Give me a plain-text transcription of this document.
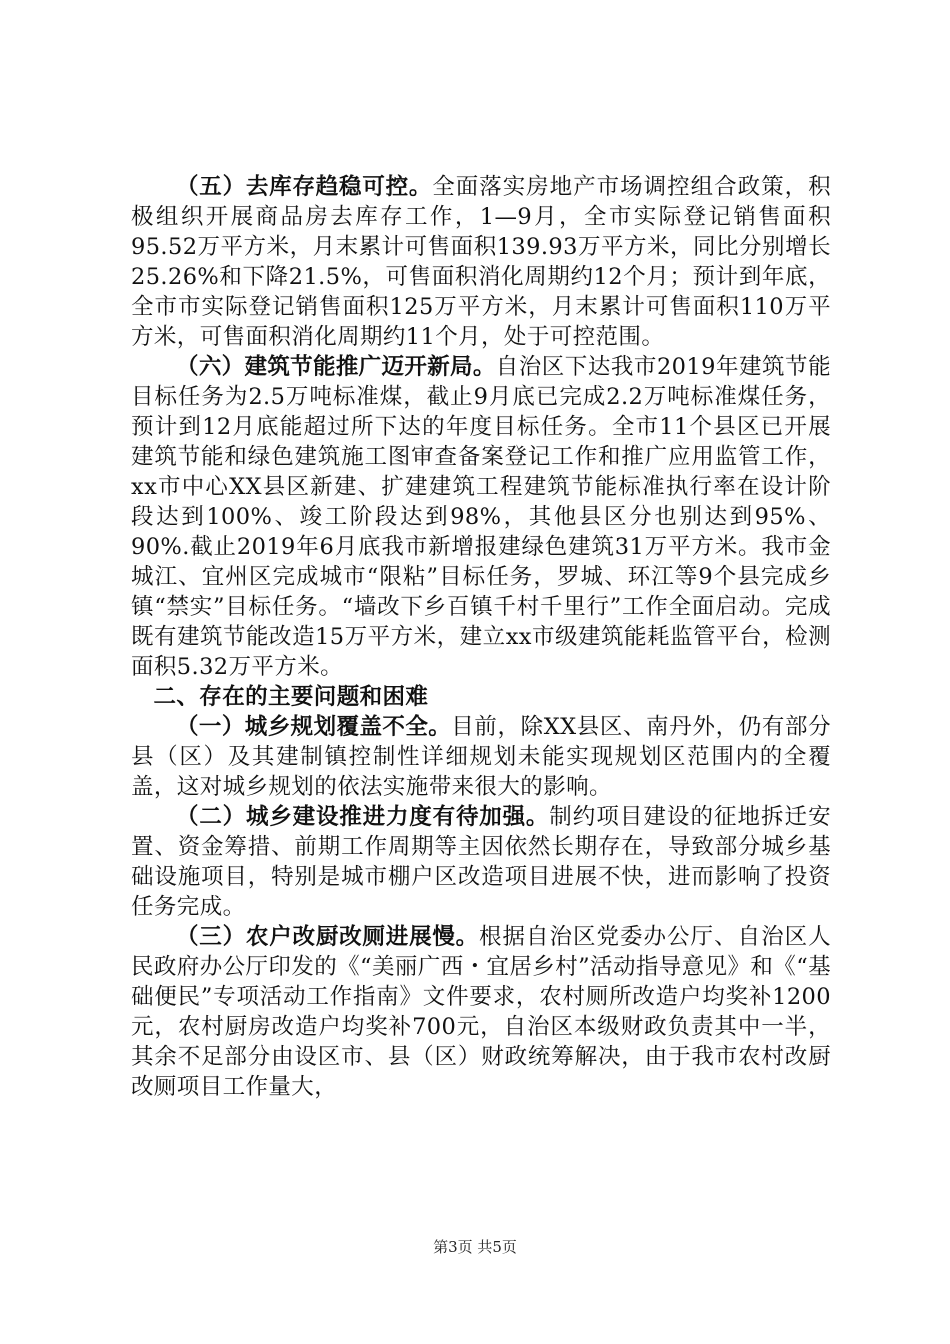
（五）去库存趋稳可控。全面落实房地产市场调控组合政策，积极组织开展商品房去库存工作，1—9月，全市实际登记销售面积95.52万平方米，月末累计可售面积139.93万平方米，同比分别增长25.26%和下降21.5%，可售面积消化周期约12个月；预计到年底，全市市实际登记销售面积125万平方米，月末累计可售面积110万平方米，可售面积消化周期约11个月，处于可控范围。

（六）建筑节能推广迈开新局。自治区下达我市2019年建筑节能目标任务为2.5万吨标准煤，截止9月底已完成2.2万吨标准煤任务，预计到12月底能超过所下达的年度目标任务。全市11个县区已开展建筑节能和绿色建筑施工图审查备案登记工作和推广应用监管工作，xx市中心XX县区新建、扩建建筑工程建筑节能标准执行率在设计阶段达到100%、竣工阶段达到98%，其他县区分也别达到95%、90%.截止2019年6月底我市新增报建绿色建筑31万平方米。我市金城江、宜州区完成城市“限粘”目标任务，罗城、环江等9个县完成乡镇“禁实”目标任务。“墙改下乡百镇千村千里行”工作全面启动。完成既有建筑节能改造15万平方米，建立xx市级建筑能耗监管平台，检测面积5.32万平方米。

二、存在的主要问题和困难

（一）城乡规划覆盖不全。目前，除XX县区、南丹外，仍有部分县（区）及其建制镇控制性详细规划未能实现规划区范围内的全覆盖，这对城乡规划的依法实施带来很大的影响。

（二）城乡建设推进力度有待加强。制约项目建设的征地拆迁安置、资金筹措、前期工作周期等主因依然长期存在，导致部分城乡基础设施项目，特别是城市棚户区改造项目进展不快，进而影响了投资任务完成。

（三）农户改厨改厕进展慢。根据自治区党委办公厅、自治区人民政府办公厅印发的《“美丽广西・宜居乡村”活动指导意见》和《“基础便民”专项活动工作指南》文件要求，农村厕所改造户均奖补1200元，农村厨房改造户均奖补700元，自治区本级财政负责其中一半，其余不足部分由设区市、县（区）财政统筹解决，由于我市农村改厨改厕项目工作量大，

第3页 共5页
